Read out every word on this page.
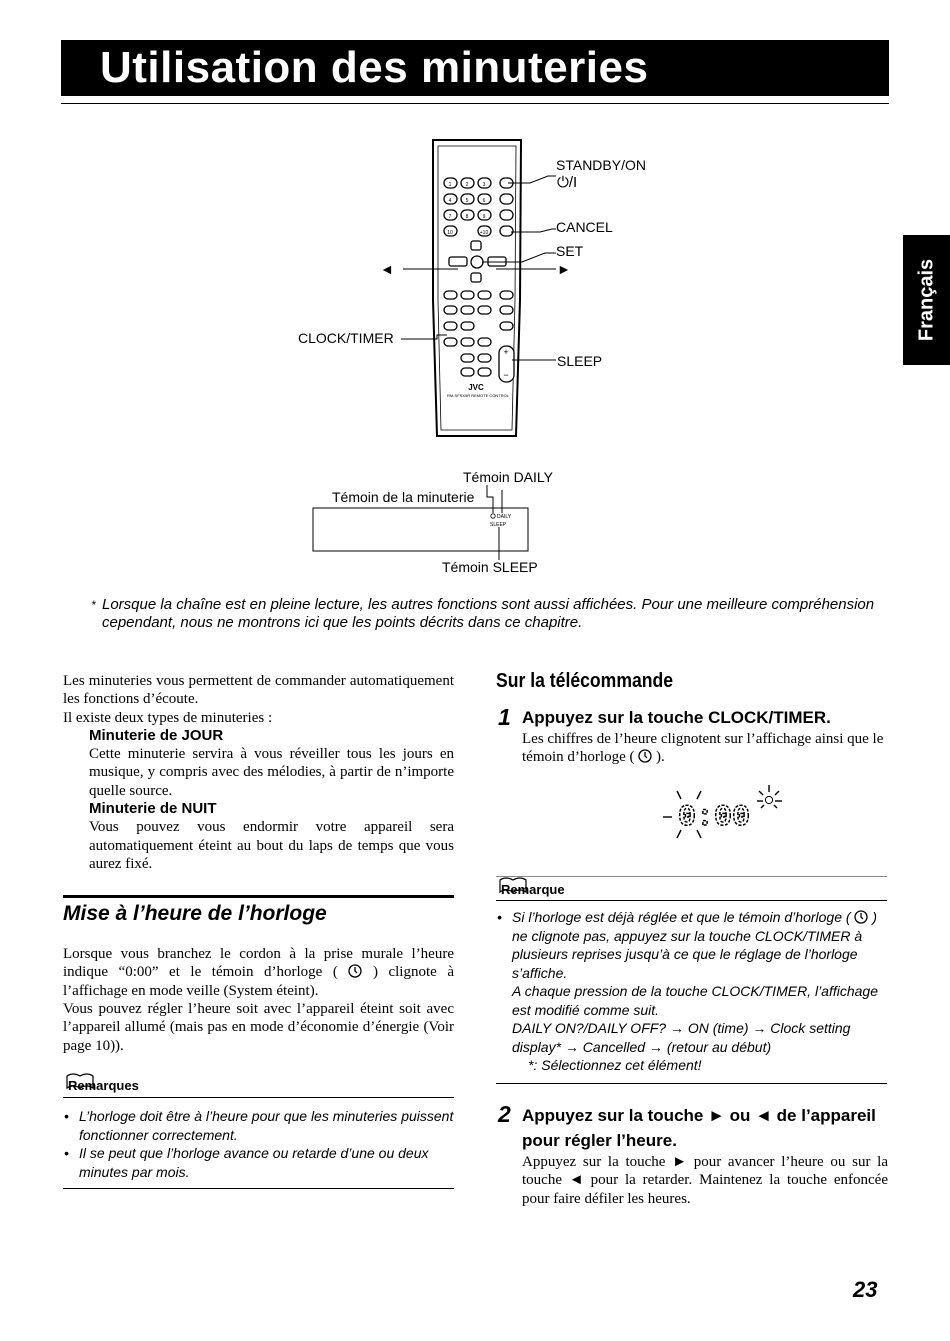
Utilisation des minuteries
Français
1	2	3
4	5	6
7	8	9
10	+10
+
−
JVC
RM-SFSX5R REMOTE CONTROL
STANDBY/ON
⏻/I
CANCEL
SET
◄	►
CLOCK/TIMER
SLEEP
DAILY
SLEEP
Témoin DAILY
Témoin de la minuterie
Témoin SLEEP
* Lorsque la chaîne est en pleine lecture, les autres fonctions sont aussi affichées. Pour une meilleure compréhension cependant, nous ne montrons ici que les points décrits dans ce chapitre.
Les minuteries vous permettent de commander automatiquement les fonctions d’écoute.
Il existe deux types de minuteries :
Minuterie de JOUR
Cette minuterie servira à vous réveiller tous les jours en musique, y compris avec des mélodies, à partir de n’importe quelle source.
Minuterie de NUIT
Vous pouvez vous endormir votre appareil sera automatiquement éteint au bout du laps de temps que vous aurez fixé.
Mise à l’heure de l’horloge
Lorsque vous branchez le cordon à la prise murale l’heure indique “0:00” et le témoin d’horloge ( ) clignote à l’affichage en mode veille (System éteint).
Vous pouvez régler l’heure soit avec l’appareil éteint soit avec l’appareil allumé (mais pas en mode d’économie d’énergie (Voir page 10)).
Remarques
• L’horloge doit être à l’heure pour que les minuteries puissent fonctionner correctement.
• Il se peut que l’horloge avance ou retarde d’une ou deux minutes par mois.
Sur la télécommande
1 Appuyez sur la touche CLOCK/TIMER.
Les chiffres de l’heure clignotent sur l’affichage ainsi que le témoin d’horloge ( ).
0:00
Remarque
• Si l’horloge est déjà réglée et que le témoin d’horloge ( ) ne clignote pas, appuyez sur la touche CLOCK/TIMER à plusieurs reprises jusqu’à ce que le réglage de l’horloge s’affiche.
A chaque pression de la touche CLOCK/TIMER, l’affichage est modifié comme suit.
DAILY ON?/DAILY OFF? → ON (time) → Clock setting display* → Cancelled → (retour au début)
*: Sélectionnez cet élément!
2 Appuyez sur la touche ► ou ◄ de l’appareil pour régler l’heure.
Appuyez sur la touche ► pour avancer l’heure ou sur la touche ◄ pour la retarder. Maintenez la touche enfoncée pour faire défiler les heures.
23
